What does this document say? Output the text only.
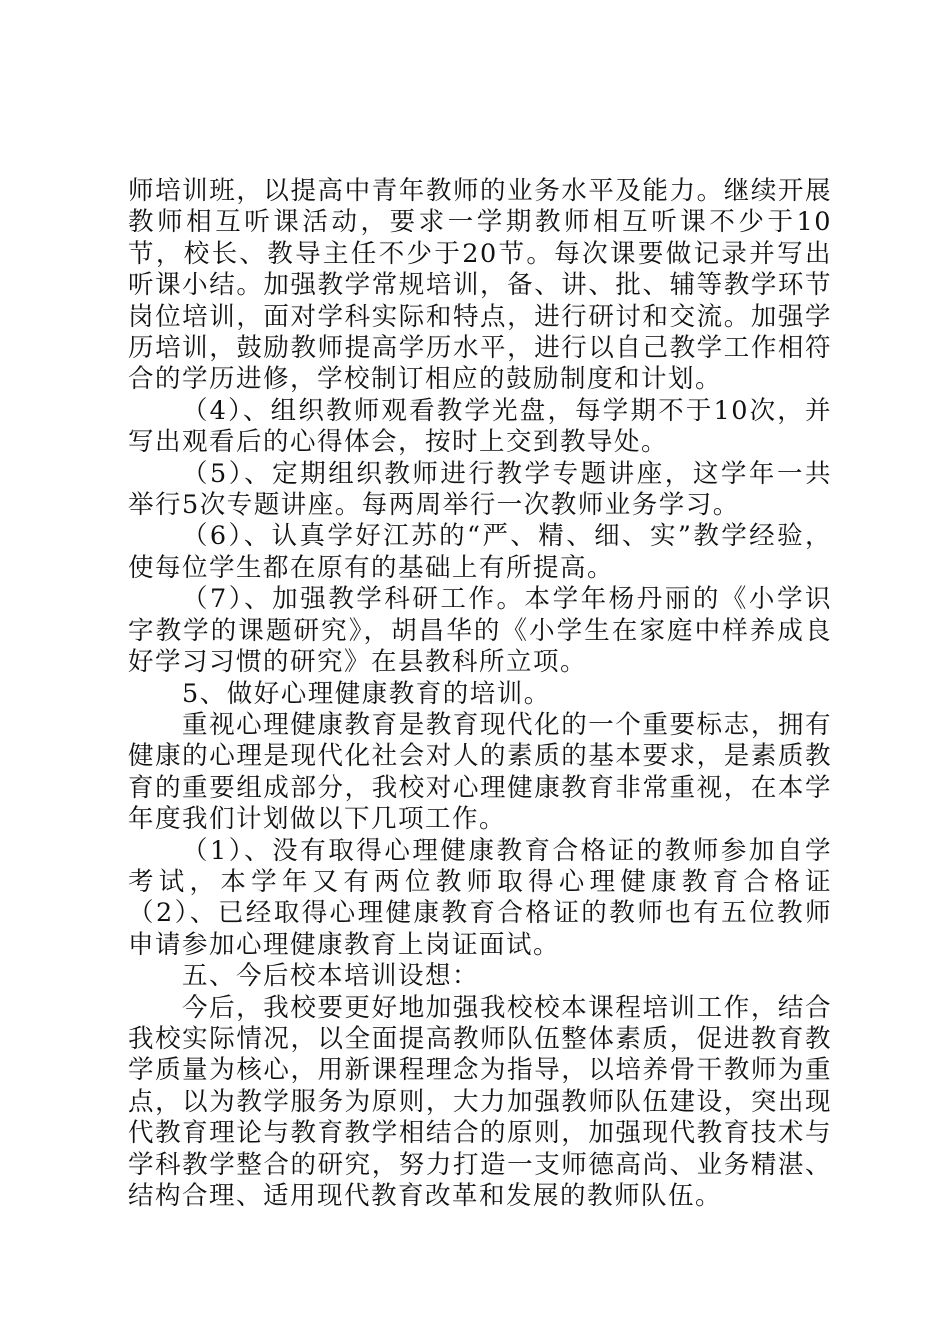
师培训班，以提高中青年教师的业务水平及能力。继续开展教师相互听课活动，要求一学期教师相互听课不少于10节，校长、教导主任不少于20节。每次课要做记录并写出听课小结。加强教学常规培训，备、讲、批、辅等教学环节岗位培训，面对学科实际和特点，进行研讨和交流。加强学历培训，鼓励教师提高学历水平，进行以自己教学工作相符合的学历进修，学校制订相应的鼓励制度和计划。

（4）、组织教师观看教学光盘，每学期不于10次，并写出观看后的心得体会，按时上交到教导处。

（5）、定期组织教师进行教学专题讲座，这学年一共举行5次专题讲座。每两周举行一次教师业务学习。

（6）、认真学好江苏的“严、精、细、实”教学经验，使每位学生都在原有的基础上有所提高。

（7）、加强教学科研工作。本学年杨丹丽的《小学识字教学的课题研究》，胡昌华的《小学生在家庭中样养成良好学习习惯的研究》在县教科所立项。

5、做好心理健康教育的培训。

重视心理健康教育是教育现代化的一个重要标志，拥有健康的心理是现代化社会对人的素质的基本要求，是素质教育的重要组成部分，我校对心理健康教育非常重视，在本学年度我们计划做以下几项工作。

（1）、没有取得心理健康教育合格证的教师参加自学考试，本学年又有两位教师取得心理健康教育合格证（2）、已经取得心理健康教育合格证的教师也有五位教师申请参加心理健康教育上岗证面试。

五、今后校本培训设想：

今后，我校要更好地加强我校校本课程培训工作，结合我校实际情况，以全面提高教师队伍整体素质，促进教育教学质量为核心，用新课程理念为指导，以培养骨干教师为重点，以为教学服务为原则，大力加强教师队伍建设，突出现代教育理论与教育教学相结合的原则，加强现代教育技术与学科教学整合的研究，努力打造一支师德高尚、业务精湛、结构合理、适用现代教育改革和发展的教师队伍。
